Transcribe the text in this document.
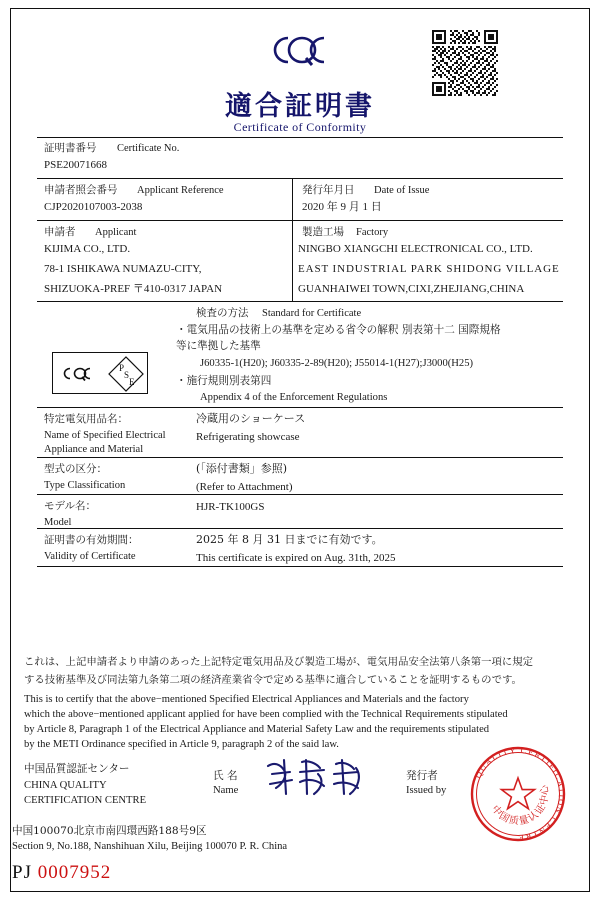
適合証明書
Certificate of Conformity
証明書番号 Certificate No.
PSE20071668
申請者照会番号 Applicant Reference
CJP2020107003-2038
発行年月日 Date of Issue
2020 年 9 月 1 日
申請者 Applicant
KIJIMA CO., LTD.
78-1 ISHIKAWA NUMAZU-CITY,
SHIZUOKA-PREF 〒410-0317 JAPAN
製造工場 Factory
NINGBO XIANGCHI ELECTRONICAL CO., LTD.
EAST INDUSTRIAL PARK SHIDONG VILLAGE
GUANHAIWEI TOWN,CIXI,ZHEJIANG,CHINA
検査の方法 Standard for Certificate
・電気用品の技術上の基準を定める省令の解釈 別表第十二 国際規格
等に準拠した基準
J60335-1(H20); J60335-2-89(H20); J55014-1(H27);J3000(H25)
・施行規則別表第四
Appendix 4 of the Enforcement Regulations
P
S
E
特定電気用品名：
Name of Specified Electrical
Appliance and Material
冷蔵用のショーケース
Refrigerating showcase
型式の区分：
Type Classification
(「添付書類」参照)
(Refer to Attachment)
モデル名：
Model
HJR-TK100GS
証明書の有効期間：
Validity of Certificate
2025 年 8 月 31 日までに有効です。
This certificate is expired on Aug. 31th, 2025
これは、上記申請者より申請のあった上記特定電気用品及び製造工場が、電気用品安全法第八条第一項に規定
する技術基準及び同法第九条第二項の経済産業省令で定める基準に適合していることを証明するものです。
This is to certify that the above−mentioned Specified Electrical Appliances and Materials and the factory
which the above−mentioned applicant applied for have been complied with the Technical Requirements stipulated
by Article 8, Paragraph 1 of the Electrical Appliance and Material Safety Law and the requirements stipulated
by the METI Ordinance specified in Article 9, paragraph 2 of the said law.
中国品質認証センター
CHINA QUALITY
CERTIFICATION CENTRE
氏 名
Name
発行者
Issued by
QUALITY CERTIFICATION CENTRE
中国质量认证中心
中国100070北京市南四環西路188号9区
Section 9, No.188, Nanshihuan Xilu, Beijing 100070 P. R. China
PJ 0007952
